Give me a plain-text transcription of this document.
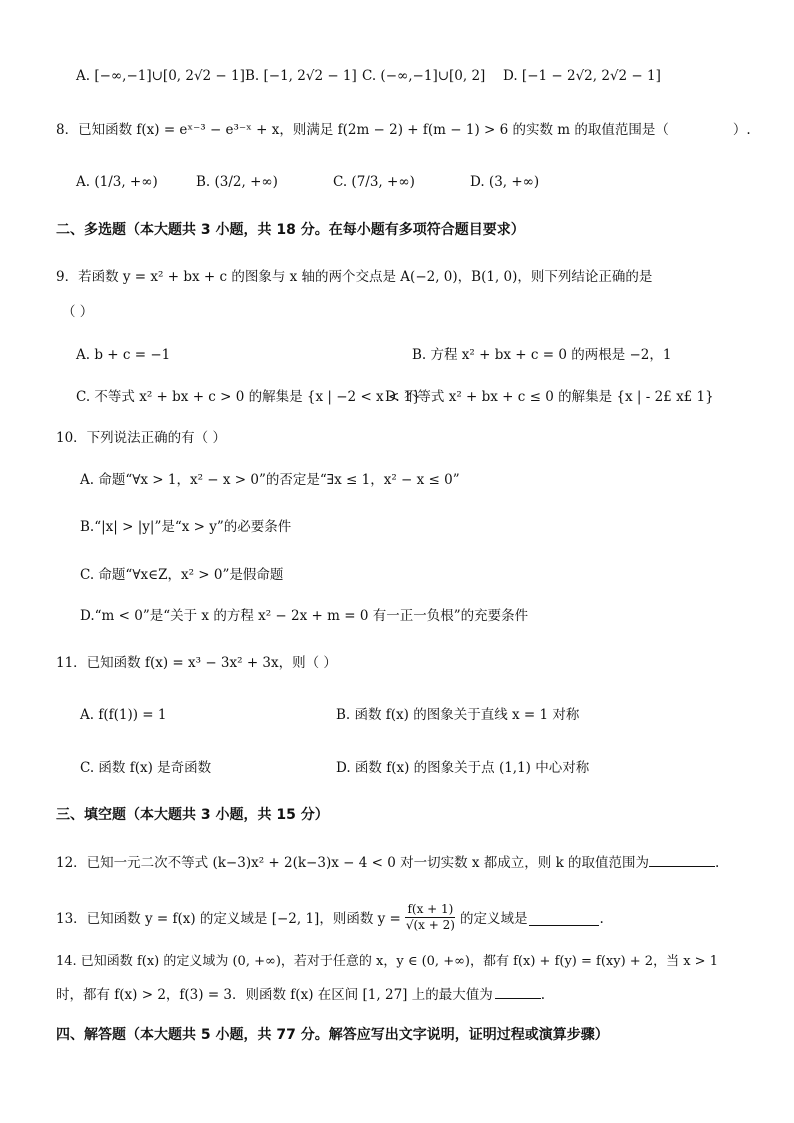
A. [−∞,−1]∪[0, 2√2 − 1] B. [−1, 2√2 − 1] C. (−∞,−1]∪[0, 2] D. [−1 − 2√2, 2√2 − 1]
8．已知函数 f(x) = eˣ⁻³ − e³⁻ˣ + x，则满足 f(2m − 2) + f(m − 1) > 6 的实数 m 的取值范围是（	）.
A. (1/3, +∞)	B. (3/2, +∞)	C. (7/3, +∞)	D. (3, +∞)
二、多选题（本大题共 3 小题，共 18 分。在每小题有多项符合题目要求）
9．若函数 y = x² + bx + c 的图象与 x 轴的两个交点是 A(−2, 0)，B(1, 0)，则下列结论正确的是
（ ）
A. b + c = −1	B. 方程 x² + bx + c = 0 的两根是 −2，1
C. 不等式 x² + bx + c > 0 的解集是 {x | −2 < x < 1}
D. 不等式 x² + bx + c ≤ 0 的解集是 {x | - 2£ x£ 1}
10．下列说法正确的有（ ）
A. 命题“∀x > 1，x² − x > 0”的否定是“∃x ≤ 1，x² − x ≤ 0”
B.“|x| > |y|”是“x > y”的必要条件
C. 命题“∀x∈Z，x² > 0”是假命题
D.“m < 0”是“关于 x 的方程 x² − 2x + m = 0 有一正一负根”的充要条件
11．已知函数 f(x) = x³ − 3x² + 3x，则（ ）
A. f(f(1)) = 1	B. 函数 f(x) 的图象关于直线 x = 1 对称
C. 函数 f(x) 是奇函数	D. 函数 f(x) 的图象关于点 (1,1) 中心对称
三、填空题（本大题共 3 小题，共 15 分）
12．已知一元二次不等式 (k−3)x² + 2(k−3)x − 4 < 0 对一切实数 x 都成立，则 k 的取值范围为	.
13．已知函数 y = f(x) 的定义域是 [−2, 1]，则函数 $y = \frac{f(x + 1)}{√(x + 2)}$ 的定义域是	.
14. 已知函数 f(x) 的定义域为 (0, +∞)，若对于任意的 x，y ∈ (0, +∞)，都有 f(x) + f(y) = f(xy) + 2，当 x > 1
时，都有 f(x) > 2，f(3) = 3．则函数 f(x) 在区间 [1, 27] 上的最大值为	.
四、解答题（本大题共 5 小题，共 77 分。解答应写出文字说明，证明过程或演算步骤）
